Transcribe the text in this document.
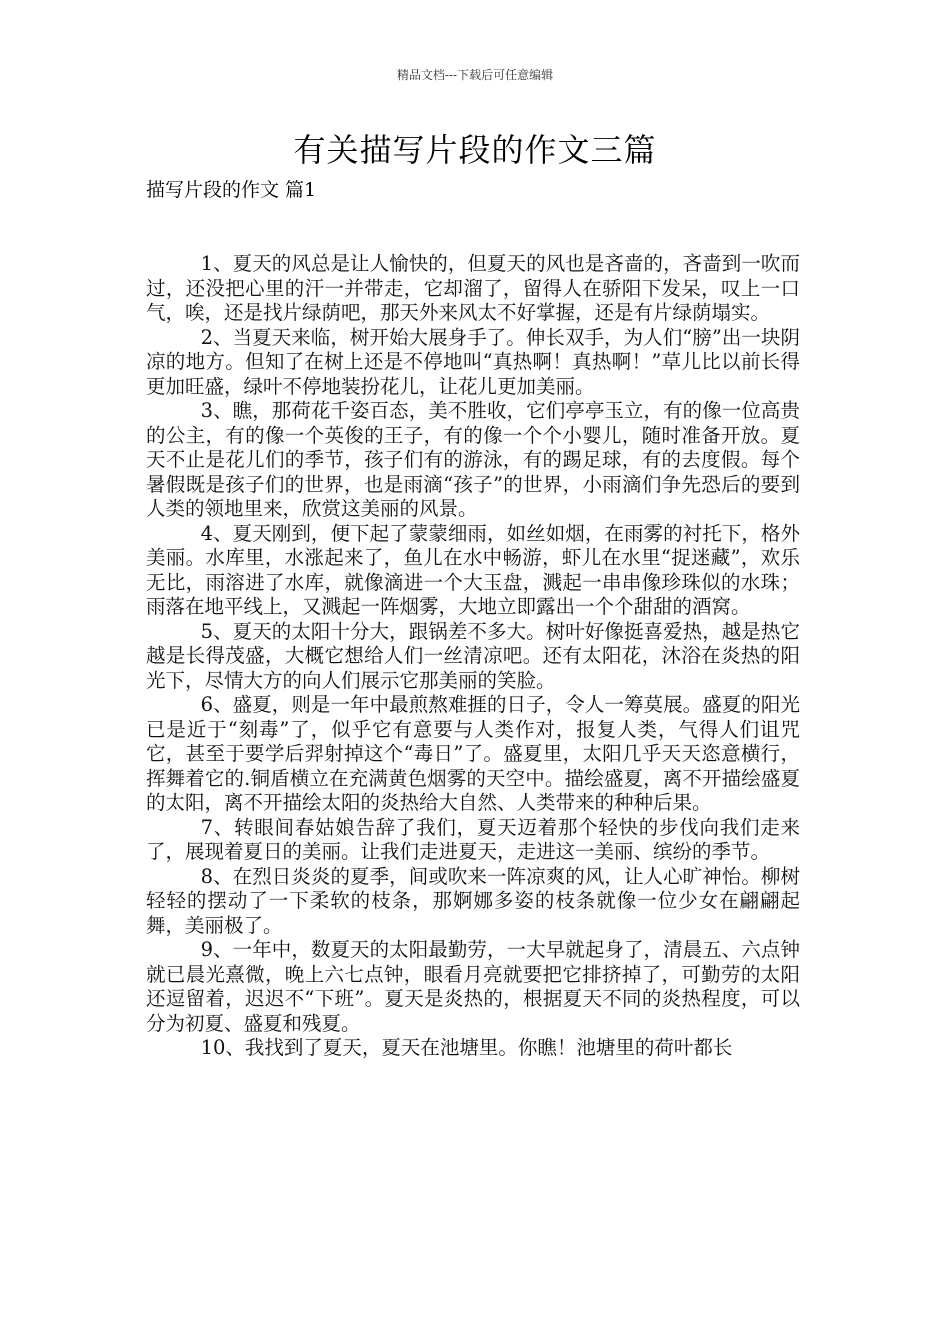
精品文档---下载后可任意编辑
有关描写片段的作文三篇
描写片段的作文 篇1

1、夏天的风总是让人愉快的，但夏天的风也是吝啬的，吝啬到一吹而过，还没把心里的汗一并带走，它却溜了，留得人在骄阳下发呆，叹上一口气，唉，还是找片绿荫吧，那天外来风太不好掌握，还是有片绿荫塌实。

2、当夏天来临，树开始大展身手了。伸长双手，为人们“膀”出一块阴凉的地方。但知了在树上还是不停地叫“真热啊！真热啊！”草儿比以前长得更加旺盛，绿叶不停地装扮花儿，让花儿更加美丽。

3、瞧，那荷花千姿百态，美不胜收，它们亭亭玉立，有的像一位高贵的公主，有的像一个英俊的王子，有的像一个个小婴儿，随时准备开放。夏天不止是花儿们的季节，孩子们有的游泳，有的踢足球，有的去度假。每个暑假既是孩子们的世界，也是雨滴“孩子”的世界，小雨滴们争先恐后的要到人类的领地里来，欣赏这美丽的风景。

4、夏天刚到，便下起了蒙蒙细雨，如丝如烟，在雨雾的衬托下，格外美丽。水库里，水涨起来了，鱼儿在水中畅游，虾儿在水里“捉迷藏”，欢乐无比，雨溶进了水库，就像滴进一个大玉盘，溅起一串串像珍珠似的水珠；雨落在地平线上，又溅起一阵烟雾，大地立即露出一个个甜甜的酒窝。

5、夏天的太阳十分大，跟锅差不多大。树叶好像挺喜爱热，越是热它越是长得茂盛，大概它想给人们一丝清凉吧。还有太阳花，沐浴在炎热的阳光下，尽情大方的向人们展示它那美丽的笑脸。

6、盛夏，则是一年中最煎熬难捱的日子，令人一筹莫展。盛夏的阳光已是近于“刻毒”了，似乎它有意要与人类作对，报复人类，气得人们诅咒它，甚至于要学后羿射掉这个“毒日”了。盛夏里，太阳几乎天天恣意横行，挥舞着它的.铜盾横立在充满黄色烟雾的天空中。描绘盛夏，离不开描绘盛夏的太阳，离不开描绘太阳的炎热给大自然、人类带来的种种后果。

7、转眼间春姑娘告辞了我们，夏天迈着那个轻快的步伐向我们走来了，展现着夏日的美丽。让我们走进夏天，走进这一美丽、缤纷的季节。

8、在烈日炎炎的夏季，间或吹来一阵凉爽的风，让人心旷神怡。柳树轻轻的摆动了一下柔软的枝条，那婀娜多姿的枝条就像一位少女在翩翩起舞，美丽极了。

9、一年中，数夏天的太阳最勤劳，一大早就起身了，清晨五、六点钟就已晨光熹微，晚上六七点钟，眼看月亮就要把它排挤掉了，可勤劳的太阳还逗留着，迟迟不“下班”。夏天是炎热的，根据夏天不同的炎热程度，可以分为初夏、盛夏和残夏。

10、我找到了夏天，夏天在池塘里。你瞧！池塘里的荷叶都长
